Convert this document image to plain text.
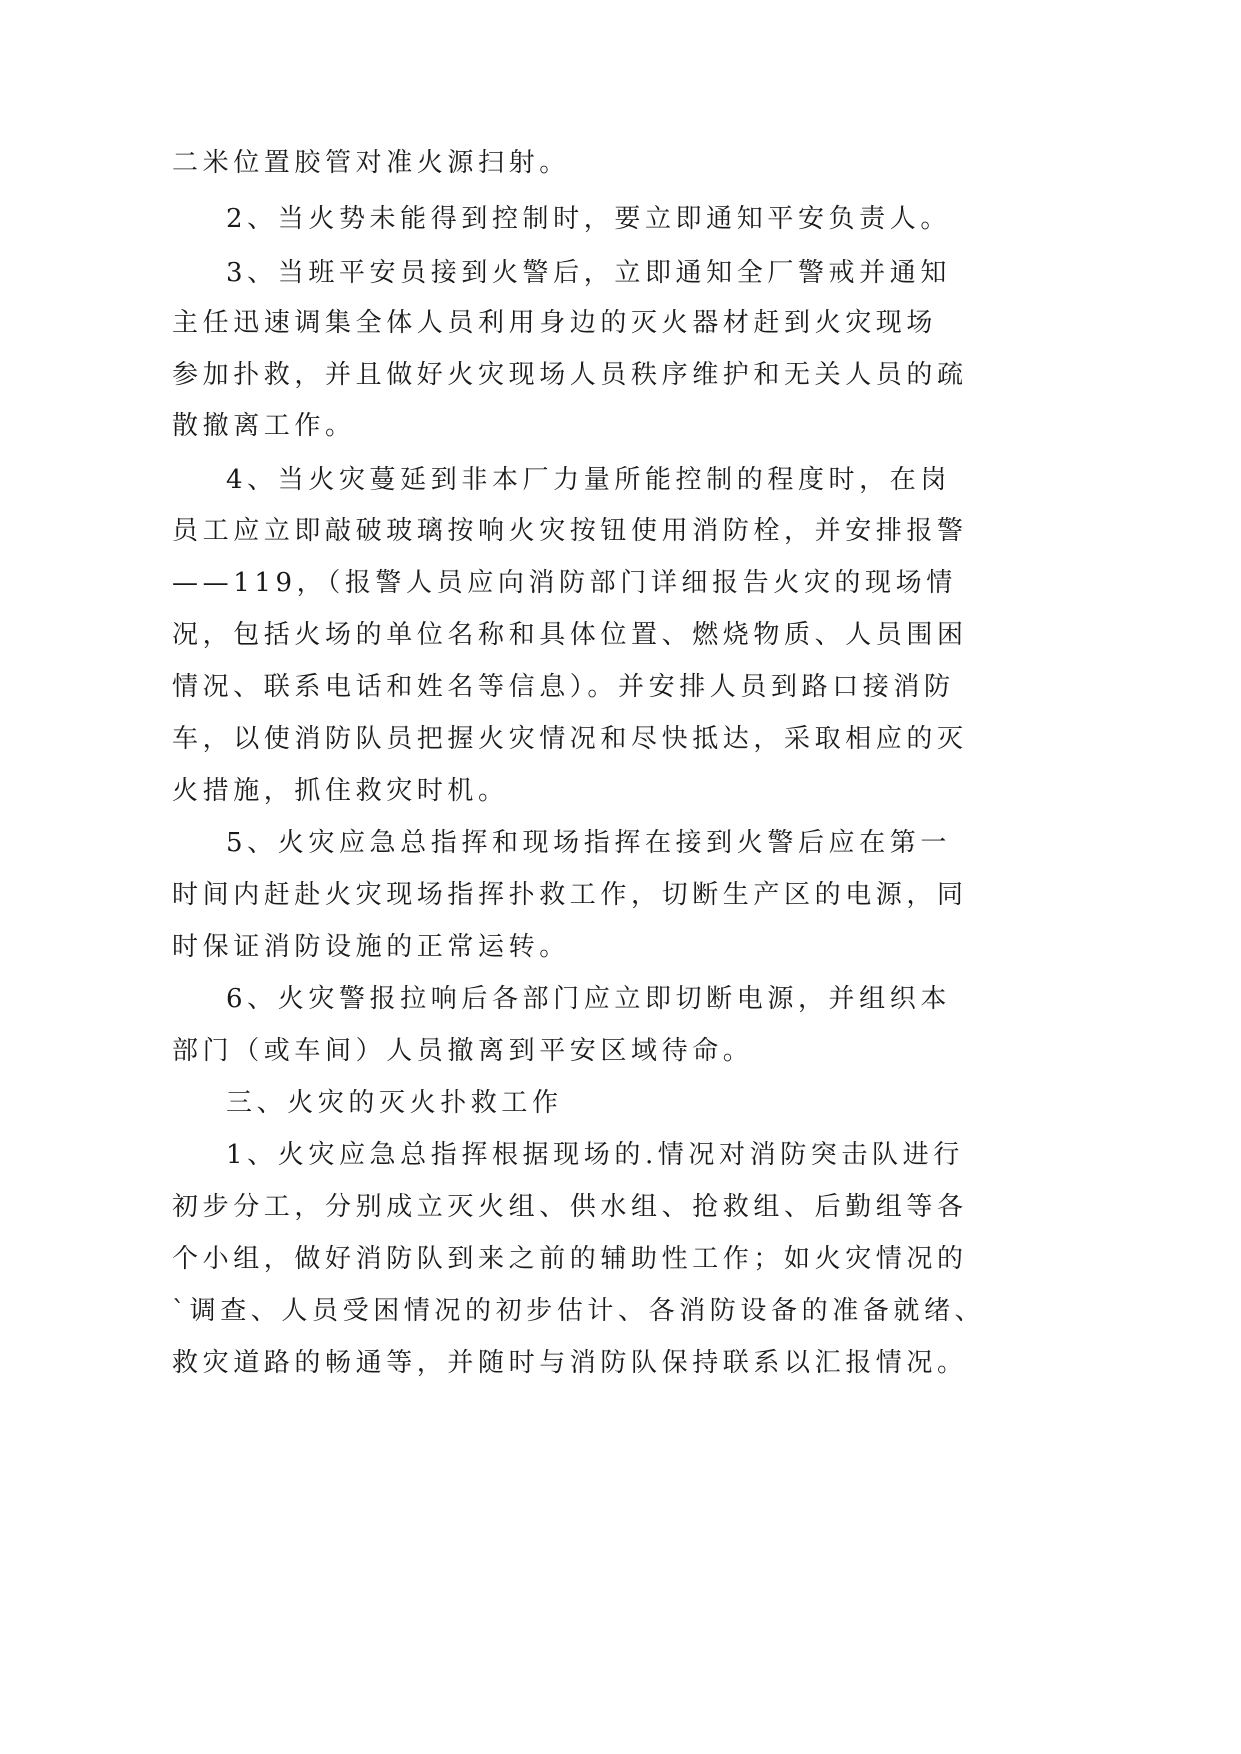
二米位置胶管对准火源扫射。
2、当火势未能得到控制时，要立即通知平安负责人。
3、当班平安员接到火警后，立即通知全厂警戒并通知
主任迅速调集全体人员利用身边的灭火器材赶到火灾现场
参加扑救，并且做好火灾现场人员秩序维护和无关人员的疏
散撤离工作。
4、当火灾蔓延到非本厂力量所能控制的程度时，在岗
员工应立即敲破玻璃按响火灾按钮使用消防栓，并安排报警
——119，（报警人员应向消防部门详细报告火灾的现场情
况，包括火场的单位名称和具体位置、燃烧物质、人员围困
情况、联系电话和姓名等信息）。并安排人员到路口接消防
车，以使消防队员把握火灾情况和尽快抵达，采取相应的灭
火措施，抓住救灾时机。
5、火灾应急总指挥和现场指挥在接到火警后应在第一
时间内赶赴火灾现场指挥扑救工作，切断生产区的电源，同
时保证消防设施的正常运转。
6、火灾警报拉响后各部门应立即切断电源，并组织本
部门（或车间）人员撤离到平安区域待命。
三、火灾的灭火扑救工作
1、火灾应急总指挥根据现场的.情况对消防突击队进行
初步分工，分别成立灭火组、供水组、抢救组、后勤组等各
个小组，做好消防队到来之前的辅助性工作；如火灾情况的
`调查、人员受困情况的初步估计、各消防设备的准备就绪、
救灾道路的畅通等，并随时与消防队保持联系以汇报情况。
